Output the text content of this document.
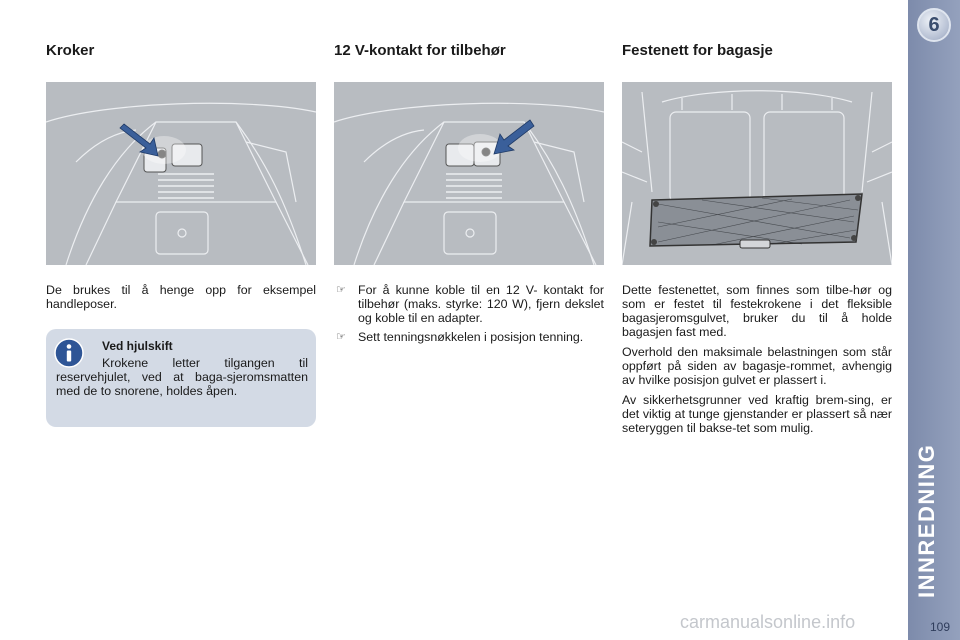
Kroker

De brukes til å henge opp for eksempel handleposer.

Ved hjulskift

Krokene letter tilgangen til reservehjulet, ved at baga-sjeromsmatten med de to snorene, holdes åpen.

12 V-kontakt for tilbehør
☞ For å kunne koble til en 12 V- kontakt for tilbehør (maks. styrke: 120 W), fjern dekslet og koble til en adapter.
☞ Sett tenningsnøkkelen i posisjon tenning.
Festenett for bagasje

Dette festenettet, som finnes som tilbe-hør og som er festet til festekrokene i det fleksible bagasjeromsgulvet, bruker du til å holde bagasjen fast med.

Overhold den maksimale belastningen som står oppført på siden av bagasje-rommet, avhengig av hvilke posisjon gulvet er plassert i.

Av sikkerhetsgrunner ved kraftig brem-sing, er det viktig at tunge gjenstander er plassert så nær seteryggen til bakse-tet som mulig.

6
INNREDNING
109
carmanualsonline.info
